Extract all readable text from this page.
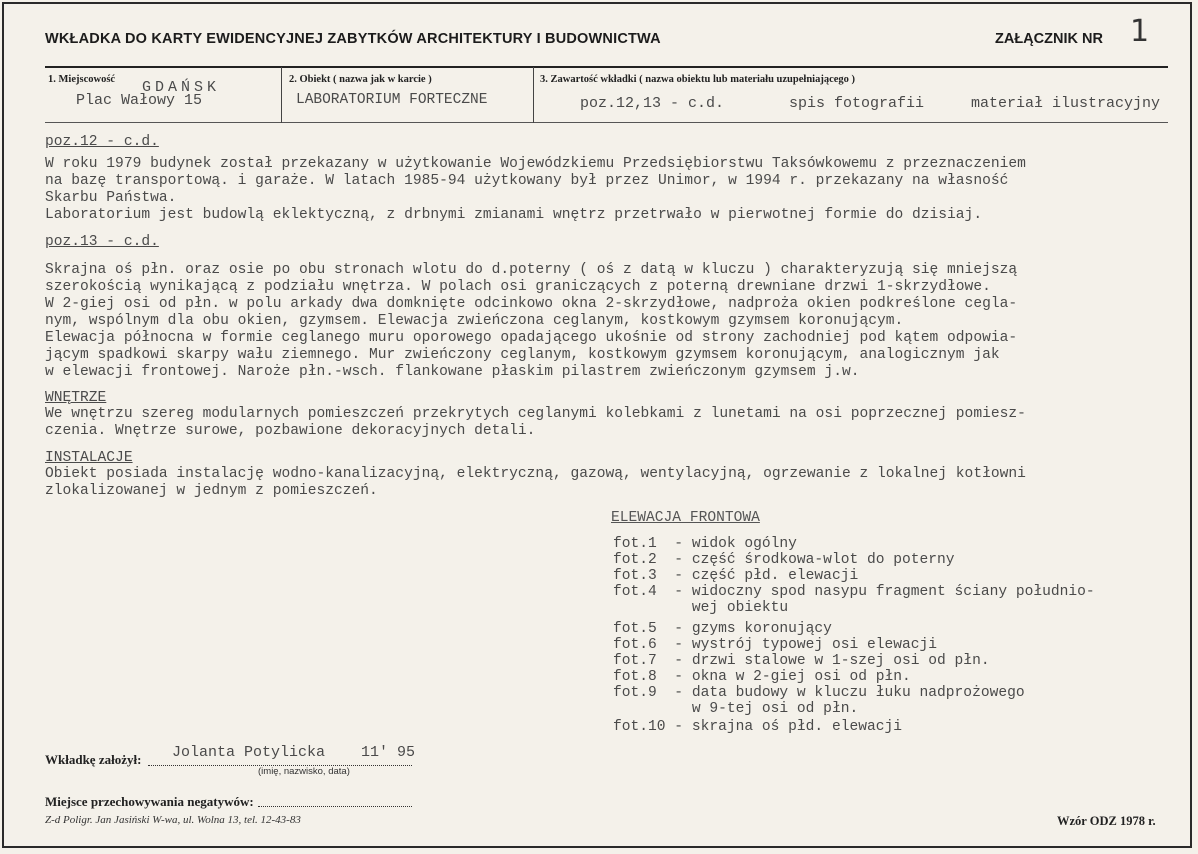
WKŁADKA DO KARTY EWIDENCYJNEJ ZABYTKÓW ARCHITEKTURY I BUDOWNICTWA	ZAŁĄCZNIK NR 1
1. Miejscowość GDAŃSK
Plac Wałowy 15
2. Obiekt ( nazwa jak w karcie )
LABORATORIUM FORTECZNE
3. Zawartość wkładki ( nazwa obiektu lub materiału uzupełniającego )
poz.12,13 - c.d.	spis fotografii	materiał ilustracyjny
poz.12 - c.d.
W roku 1979 budynek został przekazany w użytkowanie Wojewódzkiemu Przedsiębiorstwu Taksówkowemu z przeznaczeniem
na bazę transportową. i garaże. W latach 1985-94 użytkowany był przez Unimor, w 1994 r. przekazany na własność
Skarbu Państwa.
Laboratorium jest budowlą eklektyczną, z drbnymi zmianami wnętrz przetrwało w pierwotnej formie do dzisiaj.
poz.13 - c.d.
Skrajna oś płn. oraz osie po obu stronach wlotu do d.poterny ( oś z datą w kluczu ) charakteryzują się mniejszą
szerokością wynikającą z podziału wnętrza. W polach osi graniczących z poterną drewniane drzwi 1-skrzydłowe.
W 2-giej osi od płn. w polu arkady dwa domknięte odcinkowo okna 2-skrzydłowe, nadproża okien podkreślone cegla-
nym, wspólnym dla obu okien, gzymsem. Elewacja zwieńczona ceglanym, kostkowym gzymsem koronującym.
Elewacja północna w formie ceglanego muru oporowego opadającego ukośnie od strony zachodniej pod kątem odpowia-
jącym spadkowi skarpy wału ziemnego. Mur zwieńczony ceglanym, kostkowym gzymsem koronującym, analogicznym jak
w elewacji frontowej. Naroże płn.-wsch. flankowane płaskim pilastrem zwieńczonym gzymsem j.w.
WNĘTRZE
We wnętrzu szereg modularnych pomieszczeń przekrytych ceglanymi kolebkami z lunetami na osi poprzecznej pomiesz-
czenia. Wnętrze surowe, pozbawione dekoracyjnych detali.
INSTALACJE
Obiekt posiada instalację wodno-kanalizacyjną, elektryczną, gazową, wentylacyjną, ogrzewanie z lokalnej kotłowni
zlokalizowanej w jednym z pomieszczeń.
ELEWACJA FRONTOWA
fot.1  - widok ogólny
fot.2  - część środkowa-wlot do poterny
fot.3  - część płd. elewacji
fot.4  - widoczny spod nasypu fragment ściany południo-
wej obiektu
fot.5  - gzyms koronujący
fot.6  - wystrój typowej osi elewacji
fot.7  - drzwi stalowe w 1-szej osi od płn.
fot.8  - okna w 2-giej osi od płn.
fot.9  - data budowy w kluczu łuku nadprożowego
w 9-tej osi od płn.
fot.10 - skrajna oś płd. elewacji
Wkładkę założył: Jolanta Potylicka    11' 95
(imię, nazwisko, data)
Miejsce przechowywania negatywów:
Z-d Poligr. Jan Jasiński W-wa, ul. Wolna 13, tel. 12-43-83	Wzór ODZ 1978 r.
